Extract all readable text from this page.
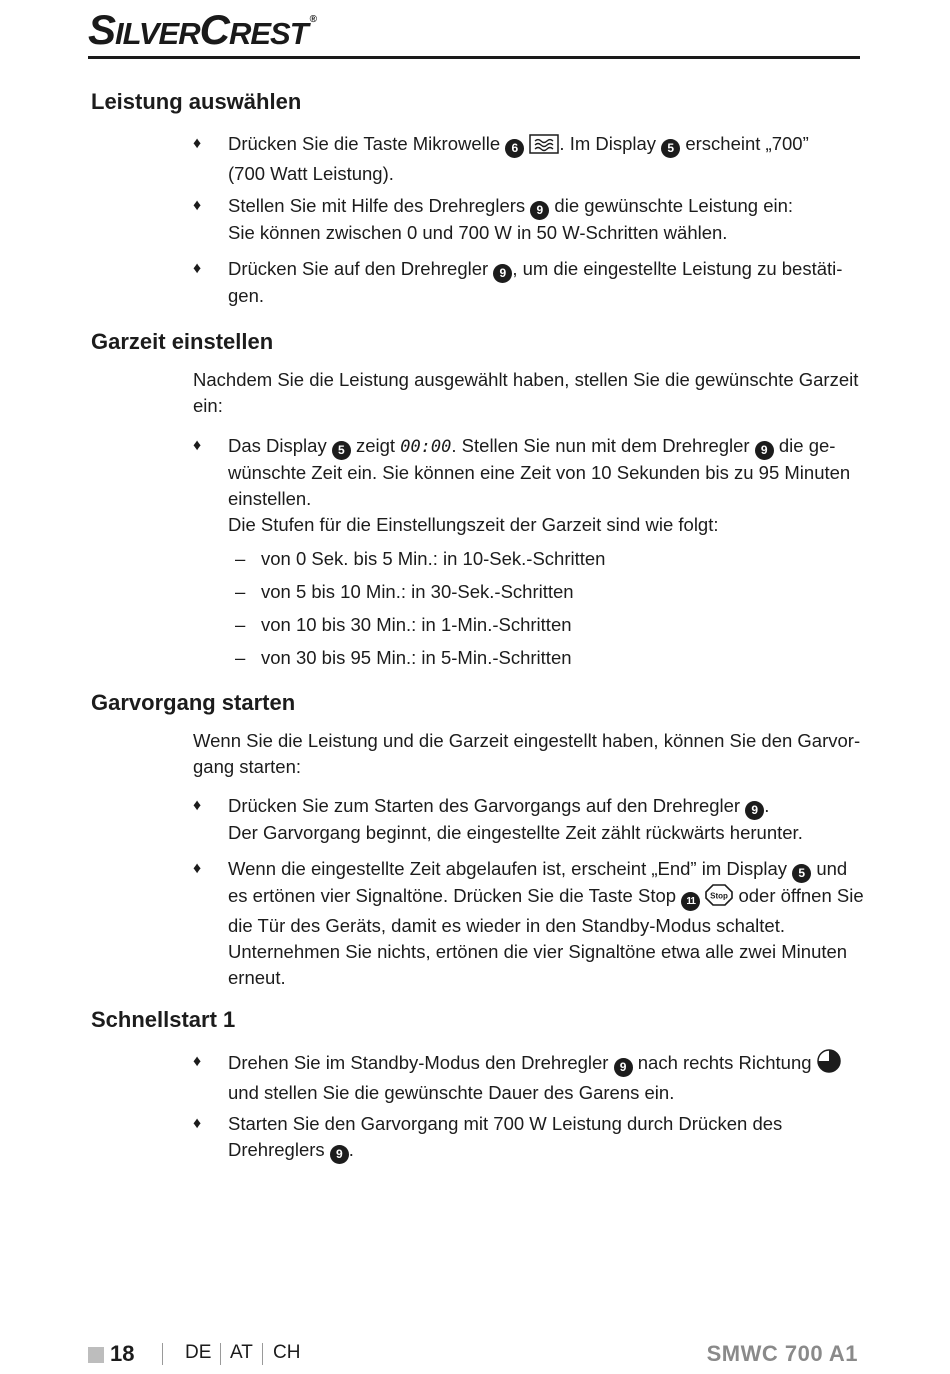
SILVERCREST ®
Leistung auswählen
♦ Drücken Sie die Taste Mikrowelle 6 . Im Display 5 erscheint „700”
(700 Watt Leistung).
♦ Stellen Sie mit Hilfe des Drehreglers 9 die gewünschte Leistung ein:
Sie können zwischen 0 und 700 W in 50 W-Schritten wählen.
♦ Drücken Sie auf den Drehregler 9 , um die eingestellte Leistung zu bestäti-
gen.
Garzeit einstellen
Nachdem Sie die Leistung ausgewählt haben, stellen Sie die gewünschte Garzeit
ein:
♦ Das Display 5 zeigt 00:00. Stellen Sie nun mit dem Drehregler 9 die ge-
wünschte Zeit ein. Sie können eine Zeit von 10 Sekunden bis zu 95 Minuten
einstellen.
Die Stufen für die Einstellungszeit der Garzeit sind wie folgt:
– von 0 Sek. bis 5 Min.: in 10-Sek.-Schritten
– von 5 bis 10 Min.: in 30-Sek.-Schritten
– von 10 bis 30 Min.: in 1-Min.-Schritten
– von 30 bis 95 Min.: in 5-Min.-Schritten
Garvorgang starten
Wenn Sie die Leistung und die Garzeit eingestellt haben, können Sie den Garvor-
gang starten:
♦ Drücken Sie zum Starten des Garvorgangs auf den Drehregler 9 .
Der Garvorgang beginnt, die eingestellte Zeit zählt rückwärts herunter.
♦ Wenn die eingestellte Zeit abgelaufen ist, erscheint „End” im Display 5 und
es ertönen vier Signaltöne. Drücken Sie die Taste Stop 11 Stop oder öffnen Sie
die Tür des Geräts, damit es wieder in den Standby-Modus schaltet.
Unternehmen Sie nichts, ertönen die vier Signaltöne etwa alle zwei Minuten
erneut.
Schnellstart 1
♦ Drehen Sie im Standby-Modus den Drehregler 9 nach rechts Richtung
und stellen Sie die gewünschte Dauer des Garens ein.
♦ Starten Sie den Garvorgang mit 700 W Leistung durch Drücken des
Drehreglers 9 .
18	DE AT CH	SMWC 700 A1
